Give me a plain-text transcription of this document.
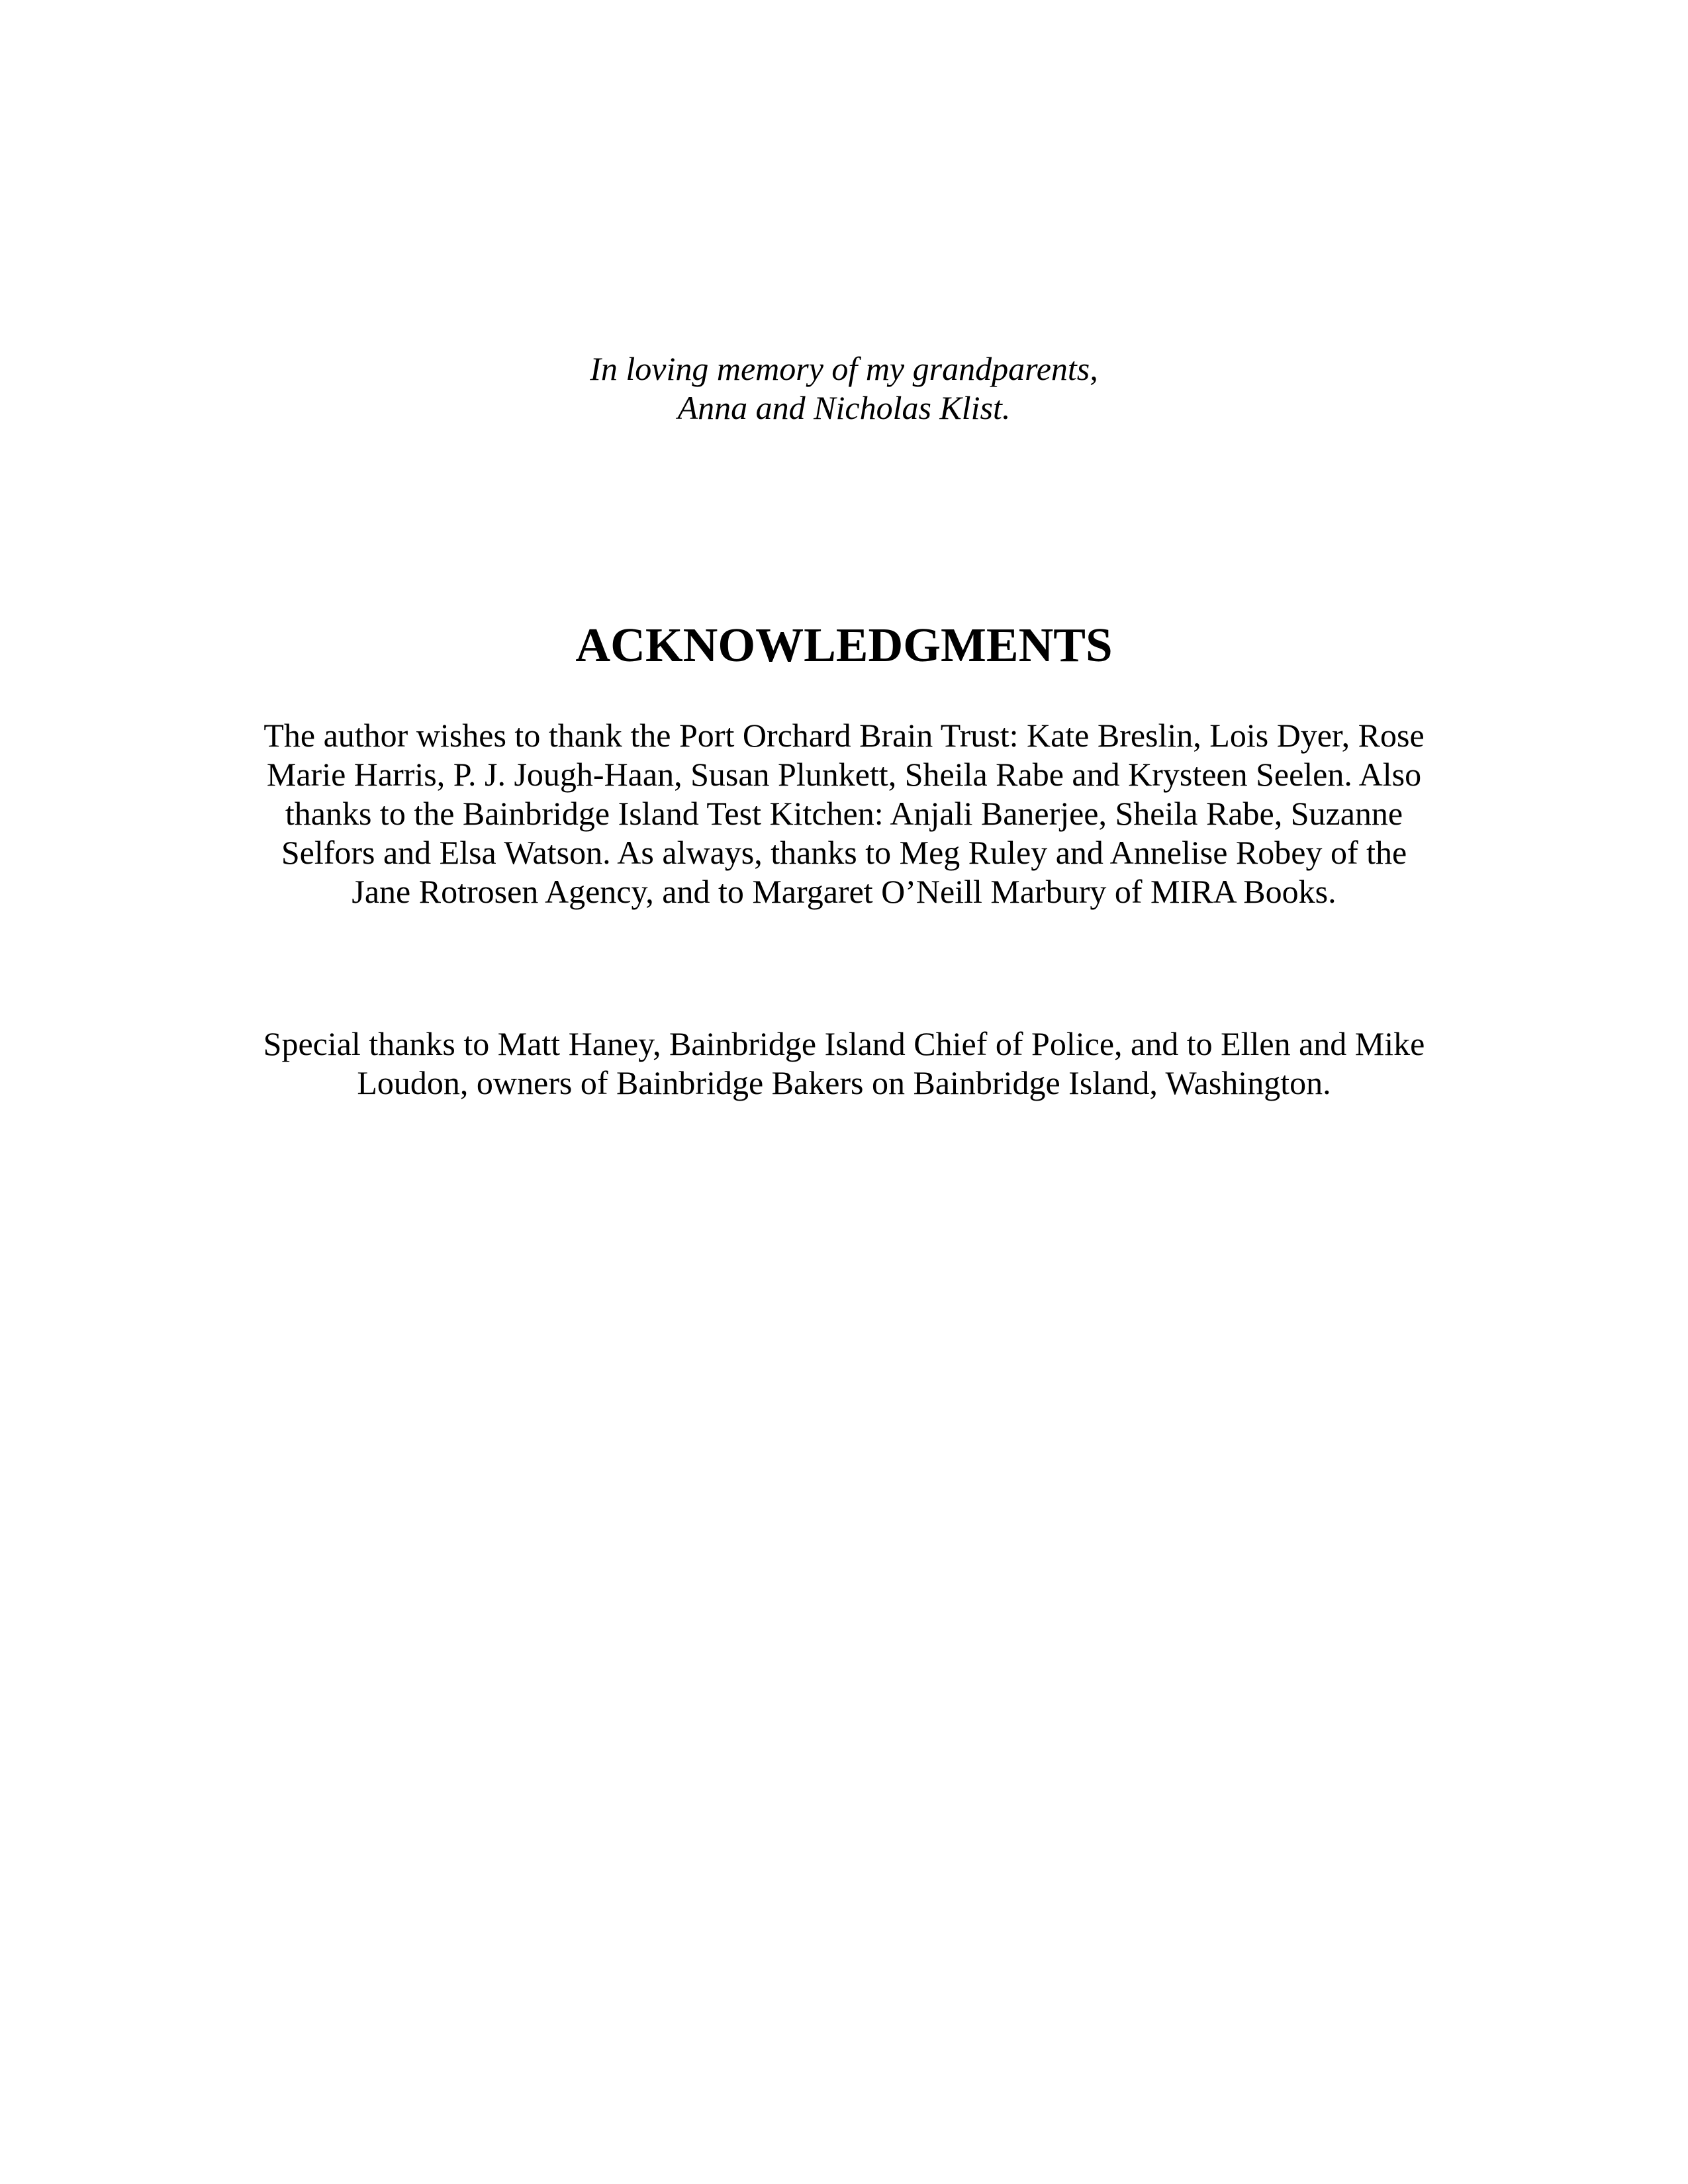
In loving memory of my grandparents,
Anna and Nicholas Klist.
ACKNOWLEDGMENTS

The author wishes to thank the Port Orchard Brain Trust: Kate Breslin, Lois Dyer, Rose
Marie Harris, P. J. Jough-Haan, Susan Plunkett, Sheila Rabe and Krysteen Seelen. Also
thanks to the Bainbridge Island Test Kitchen: Anjali Banerjee, Sheila Rabe, Suzanne
Selfors and Elsa Watson. As always, thanks to Meg Ruley and Annelise Robey of the
Jane Rotrosen Agency, and to Margaret O’Neill Marbury of MIRA Books.

Special thanks to Matt Haney, Bainbridge Island Chief of Police, and to Ellen and Mike
Loudon, owners of Bainbridge Bakers on Bainbridge Island, Washington.
